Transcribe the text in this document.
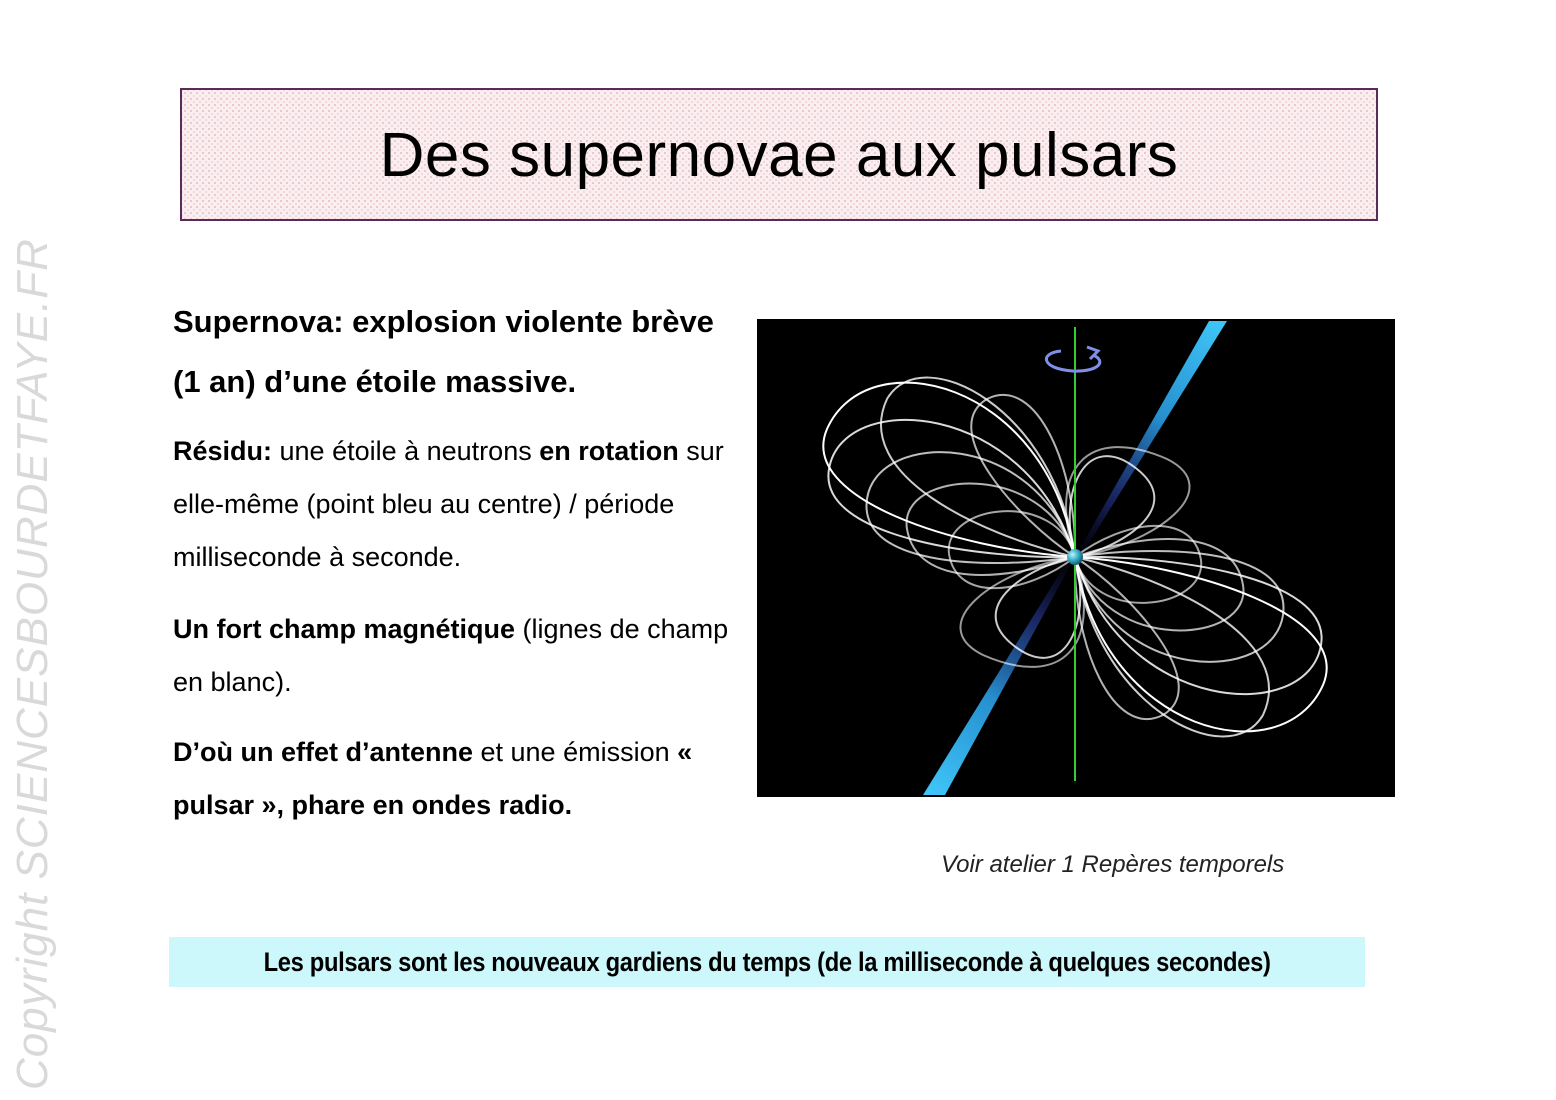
Copyright SCIENCESBOURDETFAYE.FR
Des supernovae aux pulsars

Supernova: explosion violente brève (1 an) d’une étoile massive.

Résidu: une étoile à neutrons en rotation sur elle-même (point bleu au centre) / période milliseconde à seconde.

Un fort champ magnétique (lignes de champ en blanc).

D’où un effet d’antenne et une émission « pulsar », phare en ondes radio.

Voir atelier 1 Repères temporels
Les pulsars sont les nouveaux gardiens du temps (de la milliseconde à quelques secondes)
